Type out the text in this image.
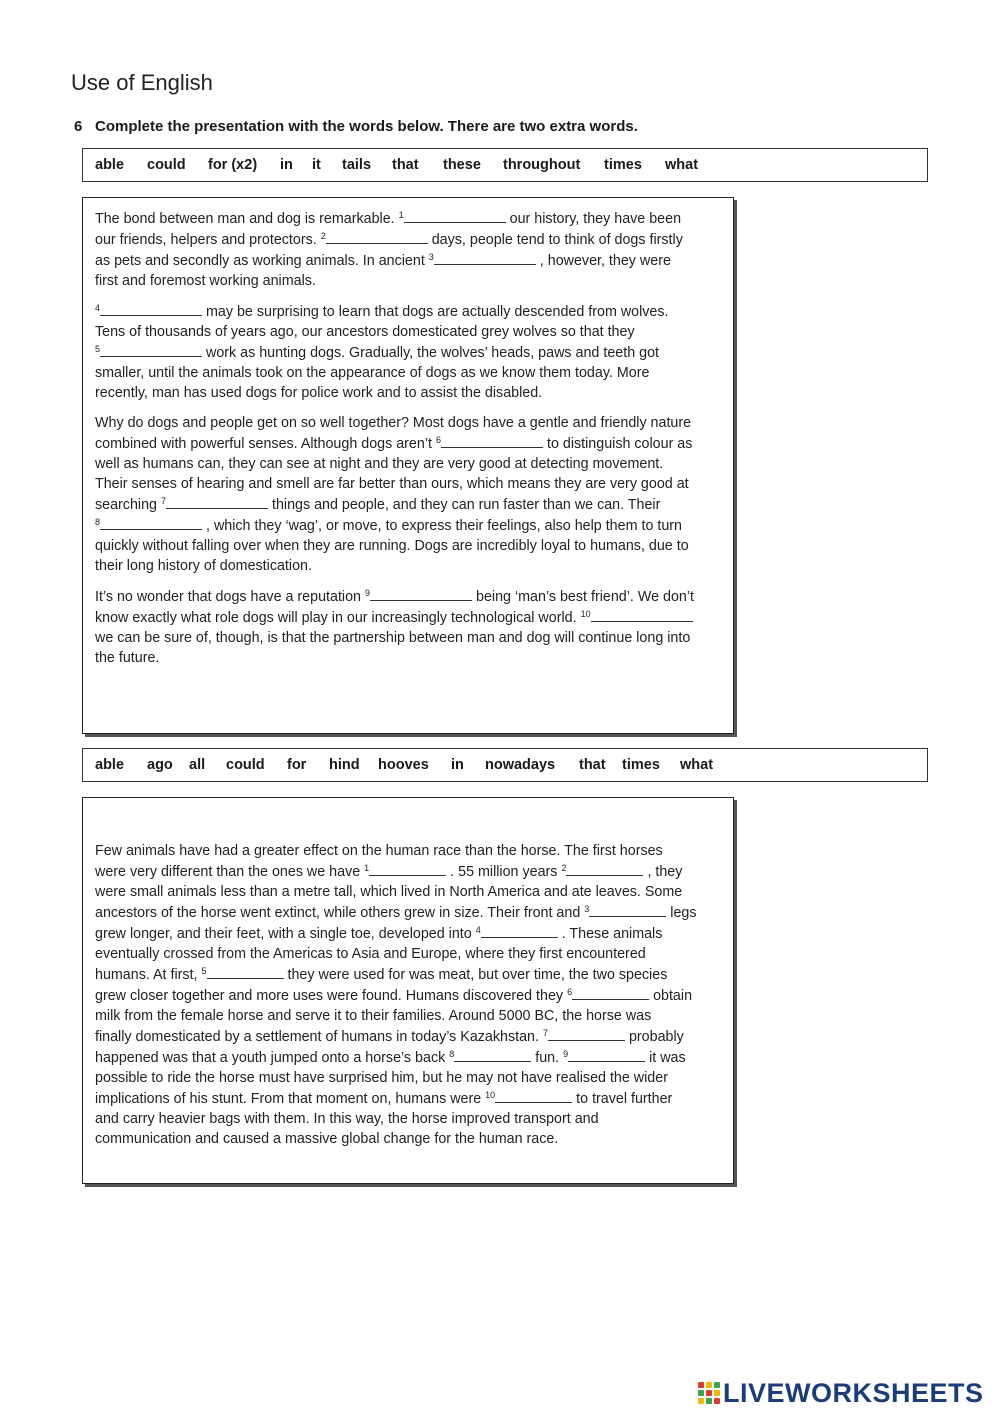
Use of English
6 Complete the presentation with the words below. There are two extra words.
able	could	for (x2)	in	it	tails	that	these	throughout	times	what

The bond between man and dog is remarkable. $^1$	our history, they have been
our friends, helpers and protectors. $^2$	days, people tend to think of dogs firstly
as pets and secondly as working animals. In ancient $^3$	, however, they were
first and foremost working animals.

$^4$	may be surprising to learn that dogs are actually descended from wolves.
Tens of thousands of years ago, our ancestors domesticated grey wolves so that they
$^5$	work as hunting dogs. Gradually, the wolves’ heads, paws and teeth got
smaller, until the animals took on the appearance of dogs as we know them today. More
recently, man has used dogs for police work and to assist the disabled.

Why do dogs and people get on so well together? Most dogs have a gentle and friendly nature
combined with powerful senses. Although dogs aren’t $^6$	to distinguish colour as
well as humans can, they can see at night and they are very good at detecting movement.
Their senses of hearing and smell are far better than ours, which means they are very good at
searching $^7$	things and people, and they can run faster than we can. Their
$^8$	, which they ‘wag’, or move, to express their feelings, also help them to turn
quickly without falling over when they are running. Dogs are incredibly loyal to humans, due to
their long history of domestication.

It’s no wonder that dogs have a reputation $^9$	being ‘man’s best friend’. We don’t
know exactly what role dogs will play in our increasingly technological world. $^{10}$
we can be sure of, though, is that the partnership between man and dog will continue long into
the future.

able	ago	all	could	for	hind	hooves	in	nowadays	that	times	what

Few animals have had a greater effect on the human race than the horse. The first horses
were very different than the ones we have $^1$	. 55 million years $^2$	, they
were small animals less than a metre tall, which lived in North America and ate leaves. Some
ancestors of the horse went extinct, while others grew in size. Their front and $^3$	legs
grew longer, and their feet, with a single toe, developed into $^4$	. These animals
eventually crossed from the Americas to Asia and Europe, where they first encountered
humans. At first, $^5$	they were used for was meat, but over time, the two species
grew closer together and more uses were found. Humans discovered they $^6$	obtain
milk from the female horse and serve it to their families. Around 5000 BC, the horse was
finally domesticated by a settlement of humans in today’s Kazakhstan. $^7$	probably
happened was that a youth jumped onto a horse’s back $^8$	fun. $^9$	it was
possible to ride the horse must have surprised him, but he may not have realised the wider
implications of his stunt. From that moment on, humans were $^{10}$	to travel further
and carry heavier bags with them. In this way, the horse improved transport and
communication and caused a massive global change for the human race.

LIVEWORKSHEETS
